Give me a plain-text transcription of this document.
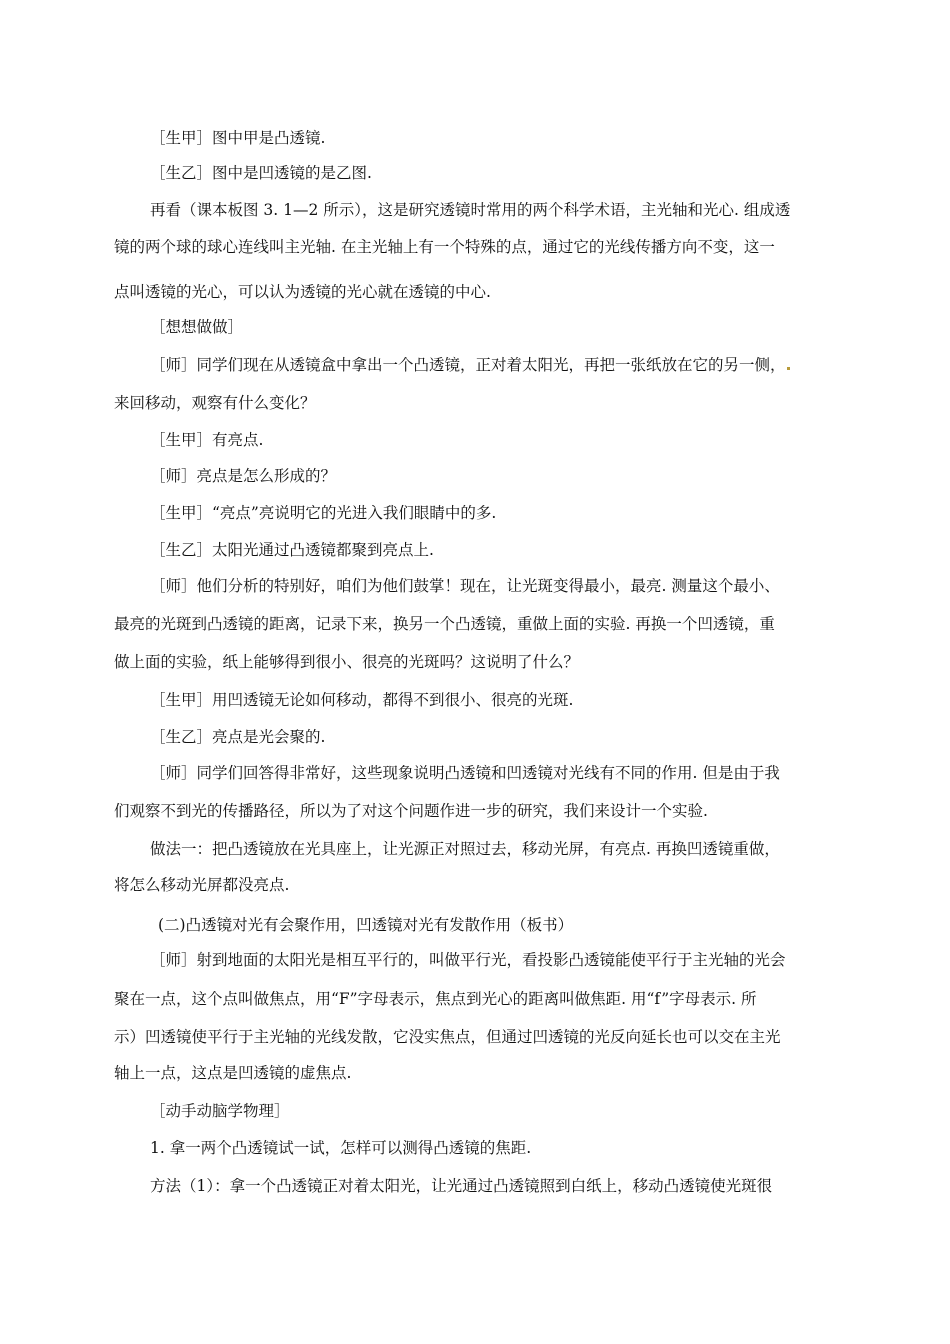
［生甲］图中甲是凸透镜.
［生乙］图中是凹透镜的是乙图.
再看（课本板图 3. 1—2 所示），这是研究透镜时常用的两个科学术语，主光轴和光心. 组成透
镜的两个球的球心连线叫主光轴. 在主光轴上有一个特殊的点，通过它的光线传播方向不变，这一
点叫透镜的光心，可以认为透镜的光心就在透镜的中心.
［想想做做］
［师］同学们现在从透镜盒中拿出一个凸透镜，正对着太阳光，再把一张纸放在它的另一侧，
来回移动，观察有什么变化？
［生甲］有亮点.
［师］亮点是怎么形成的？
［生甲］“亮点”亮说明它的光进入我们眼睛中的多.
［生乙］太阳光通过凸透镜都聚到亮点上.
［师］他们分析的特别好，咱们为他们鼓掌！现在，让光斑变得最小，最亮. 测量这个最小、
最亮的光斑到凸透镜的距离，记录下来，换另一个凸透镜，重做上面的实验. 再换一个凹透镜，重
做上面的实验，纸上能够得到很小、很亮的光斑吗？这说明了什么？
［生甲］用凹透镜无论如何移动，都得不到很小、很亮的光斑.
［生乙］亮点是光会聚的.
［师］同学们回答得非常好，这些现象说明凸透镜和凹透镜对光线有不同的作用. 但是由于我
们观察不到光的传播路径，所以为了对这个问题作进一步的研究，我们来设计一个实验.
做法一：把凸透镜放在光具座上，让光源正对照过去，移动光屏，有亮点. 再换凹透镜重做，
将怎么移动光屏都没亮点.
(二)凸透镜对光有会聚作用，凹透镜对光有发散作用（板书）
［师］射到地面的太阳光是相互平行的，叫做平行光，看投影凸透镜能使平行于主光轴的光会
聚在一点，这个点叫做焦点，用“F”字母表示，焦点到光心的距离叫做焦距. 用“f”字母表示. 所
示）凹透镜使平行于主光轴的光线发散，它没实焦点，但通过凹透镜的光反向延长也可以交在主光
轴上一点，这点是凹透镜的虚焦点.
［动手动脑学物理］
1. 拿一两个凸透镜试一试，怎样可以测得凸透镜的焦距.
方法（1）：拿一个凸透镜正对着太阳光，让光通过凸透镜照到白纸上，移动凸透镜使光斑很
